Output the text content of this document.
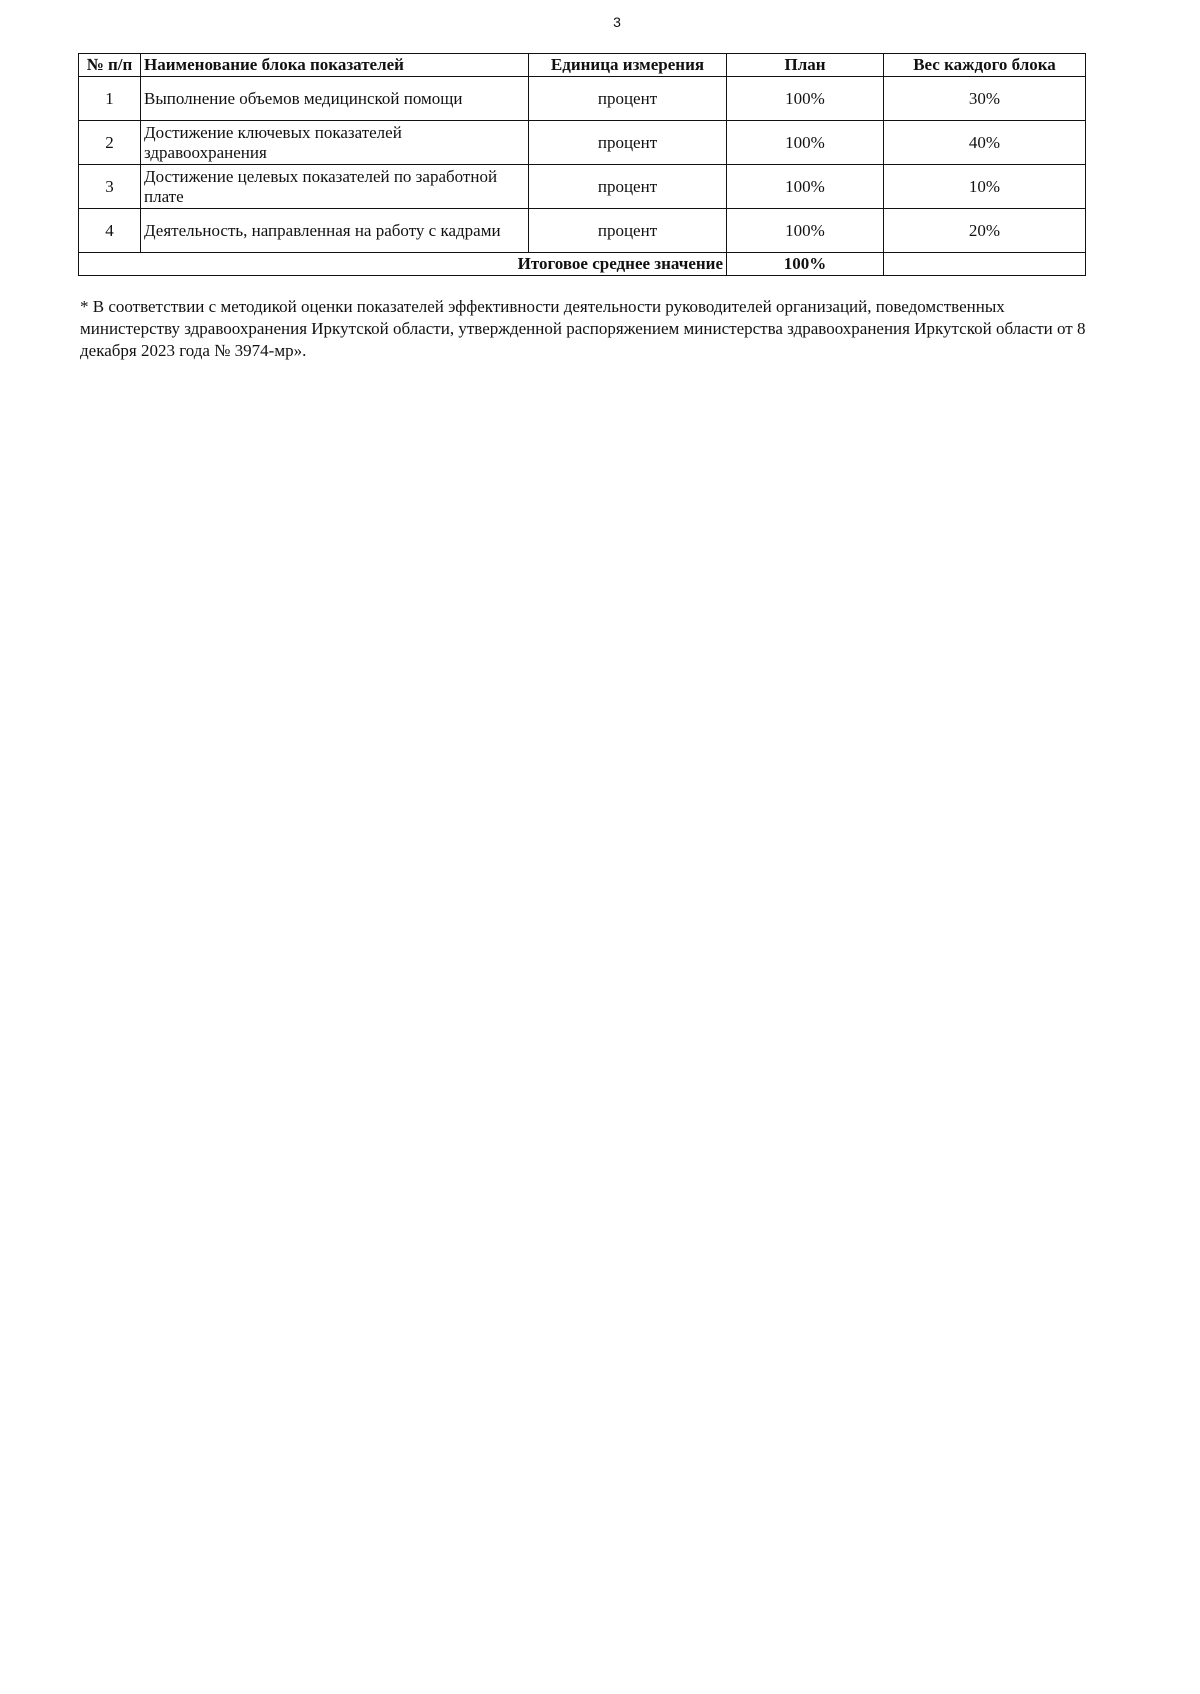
3
№ п/п	Наименование блока показателей	Единица измерения	План	Вес каждого блока
1	Выполнение объемов медицинской помощи	процент	100%	30%
2	Достижение ключевых показателей здравоохранения	процент	100%	40%
3	Достижение целевых показателей по заработной плате	процент	100%	10%
4	Деятельность, направленная на работу с кадрами	процент	100%	20%
Итоговое среднее значение			100%	
* В соответствии с методикой оценки показателей эффективности деятельности руководителей организаций, поведомственных министерству здравоохранения Иркутской области, утвержденной распоряжением министерства здравоохранения Иркутской области от 8 декабря 2023 года № 3974-мр».
